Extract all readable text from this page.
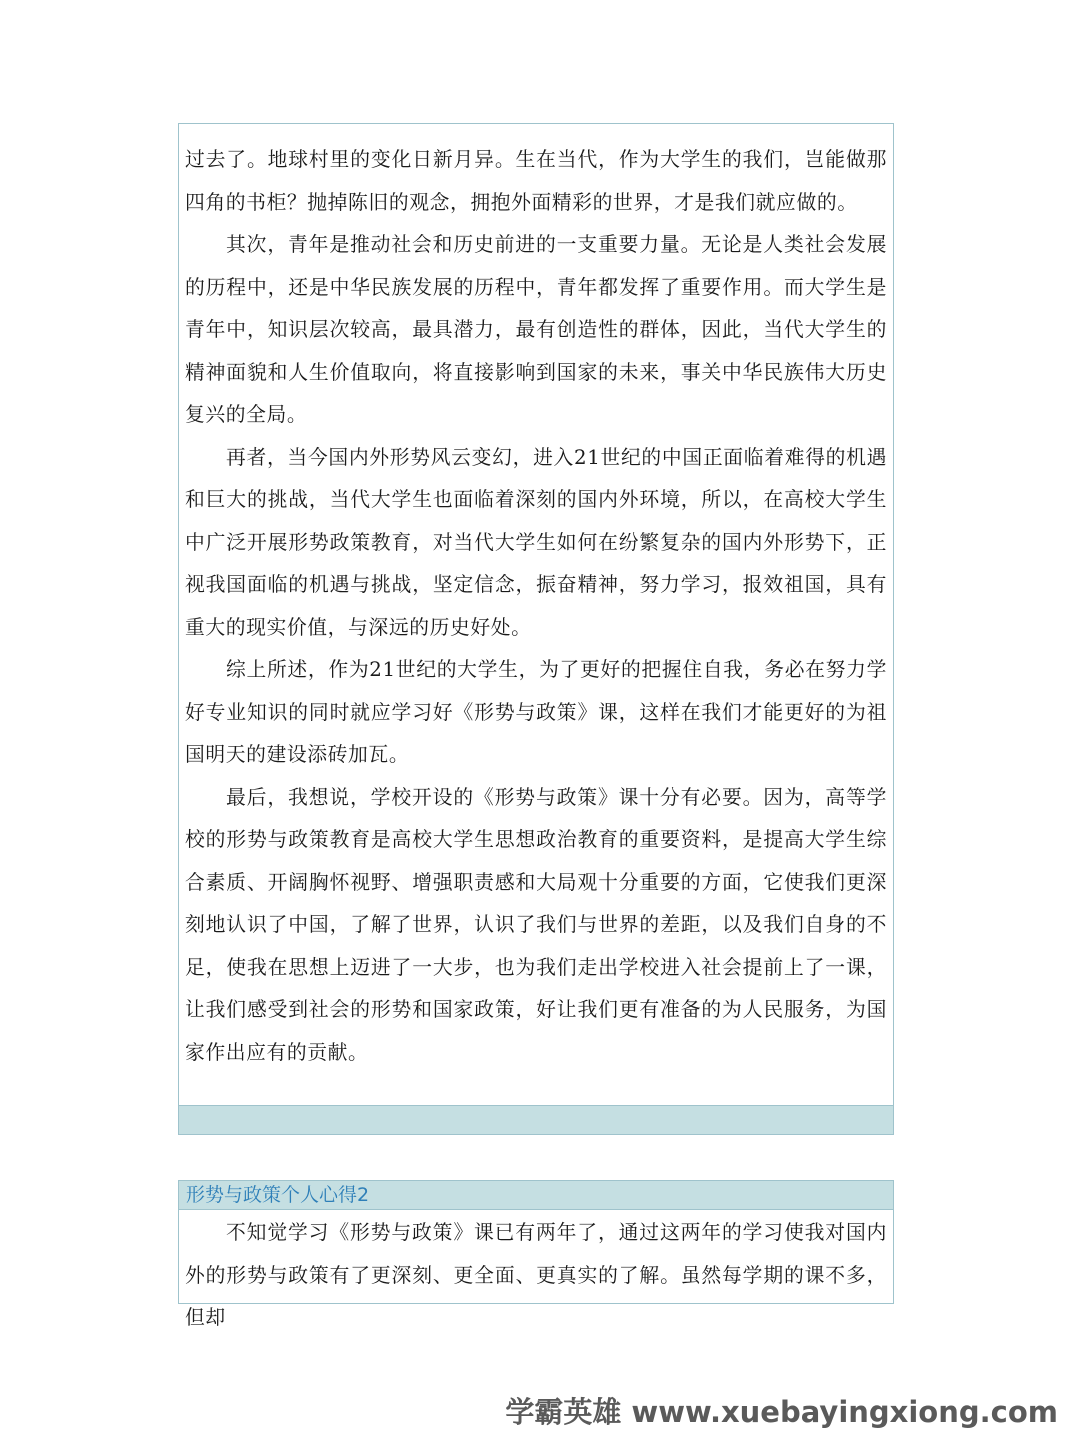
过去了。地球村里的变化日新月异。生在当代，作为大学生的我们，岂能做那四角的书柜？抛掉陈旧的观念，拥抱外面精彩的世界，才是我们就应做的。

其次，青年是推动社会和历史前进的一支重要力量。无论是人类社会发展的历程中，还是中华民族发展的历程中，青年都发挥了重要作用。而大学生是青年中，知识层次较高，最具潜力，最有创造性的群体，因此，当代大学生的精神面貌和人生价值取向，将直接影响到国家的未来，事关中华民族伟大历史复兴的全局。

再者，当今国内外形势风云变幻，进入21世纪的中国正面临着难得的机遇和巨大的挑战，当代大学生也面临着深刻的国内外环境，所以，在高校大学生中广泛开展形势政策教育，对当代大学生如何在纷繁复杂的国内外形势下，正视我国面临的机遇与挑战，坚定信念，振奋精神，努力学习，报效祖国，具有重大的现实价值，与深远的历史好处。

综上所述，作为21世纪的大学生，为了更好的把握住自我，务必在努力学好专业知识的同时就应学习好《形势与政策》课，这样在我们才能更好的为祖国明天的建设添砖加瓦。

最后，我想说，学校开设的《形势与政策》课十分有必要。因为，高等学校的形势与政策教育是高校大学生思想政治教育的重要资料，是提高大学生综合素质、开阔胸怀视野、增强职责感和大局观十分重要的方面，它使我们更深刻地认识了中国，了解了世界，认识了我们与世界的差距，以及我们自身的不足，使我在思想上迈进了一大步，也为我们走出学校进入社会提前上了一课，让我们感受到社会的形势和国家政策，好让我们更有准备的为人民服务，为国家作出应有的贡献。

形势与政策个人心得2

不知觉学习《形势与政策》课已有两年了，通过这两年的学习使我对国内外的形势与政策有了更深刻、更全面、更真实的了解。虽然每学期的课不多，但却

学霸英雄 www.xuebayingxiong.com
